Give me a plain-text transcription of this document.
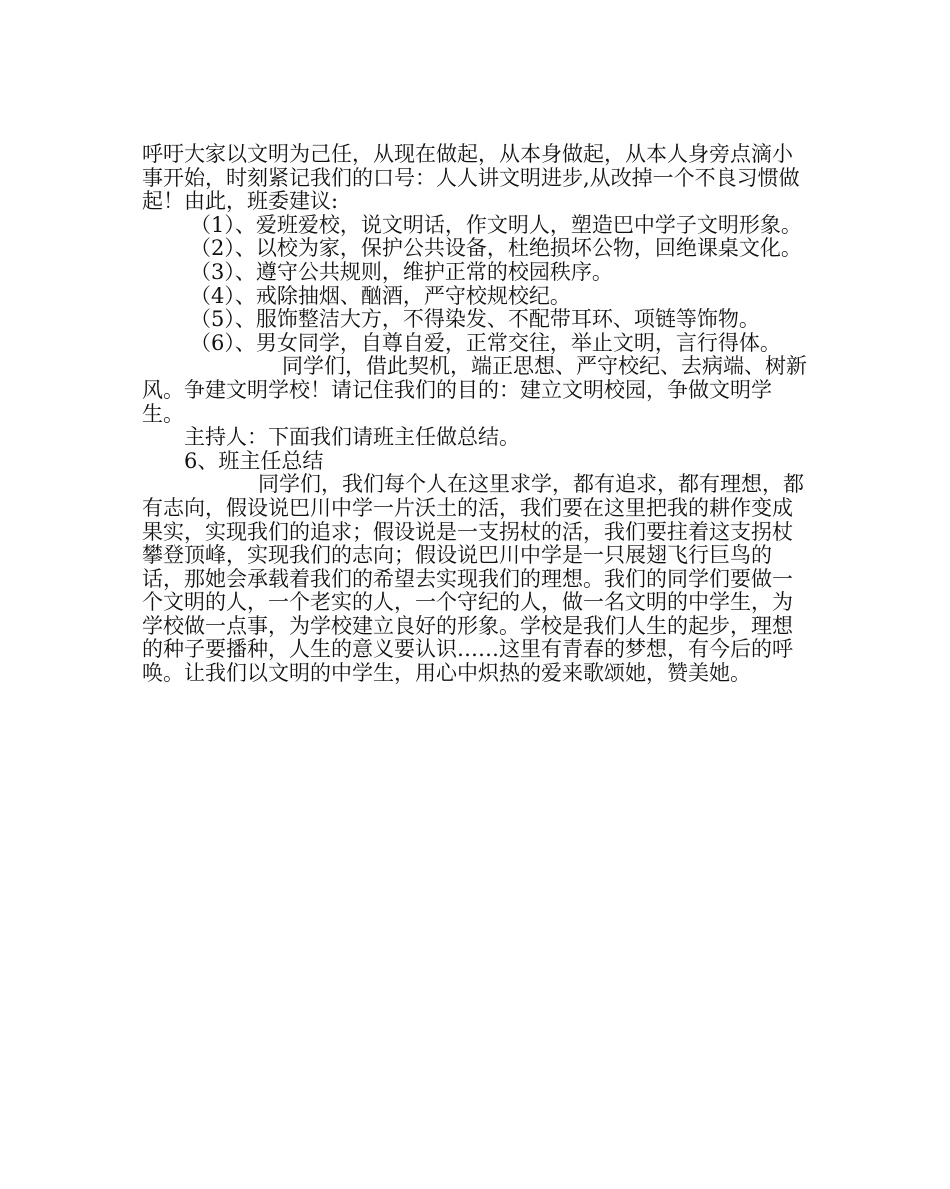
呼吁大家以文明为己任，从现在做起，从本身做起，从本人身旁点滴小事开始，时刻紧记我们的口号：人人讲文明进步,从改掉一个不良习惯做起！由此，班委建议:

（1）、爱班爱校，说文明话，作文明人，塑造巴中学子文明形象。

（2）、以校为家，保护公共设备，杜绝损坏公物，回绝课桌文化。

（3）、遵守公共规则，维护正常的校园秩序。

（4）、戒除抽烟、酗酒，严守校规校纪。

（5）、服饰整洁大方，不得染发、不配带耳环、项链等饰物。

（6）、男女同学，自尊自爱，正常交往，举止文明，言行得体。

同学们，借此契机，端正思想、严守校纪、去病端、树新风。争建文明学校！请记住我们的目的：建立文明校园，争做文明学生。

主持人：下面我们请班主任做总结。

6、班主任总结

同学们，我们每个人在这里求学，都有追求，都有理想，都有志向，假设说巴川中学一片沃土的活，我们要在这里把我的耕作变成果实，实现我们的追求；假设说是一支拐杖的活，我们要拄着这支拐杖攀登顶峰，实现我们的志向；假设说巴川中学是一只展翅飞行巨鸟的话，那她会承载着我们的希望去实现我们的理想。我们的同学们要做一个文明的人，一个老实的人，一个守纪的人，做一名文明的中学生，为学校做一点事，为学校建立良好的形象。学校是我们人生的起步，理想的种子要播种，人生的意义要认识……这里有青春的梦想，有今后的呼唤。让我们以文明的中学生，用心中炽热的爱来歌颂她，赞美她。
